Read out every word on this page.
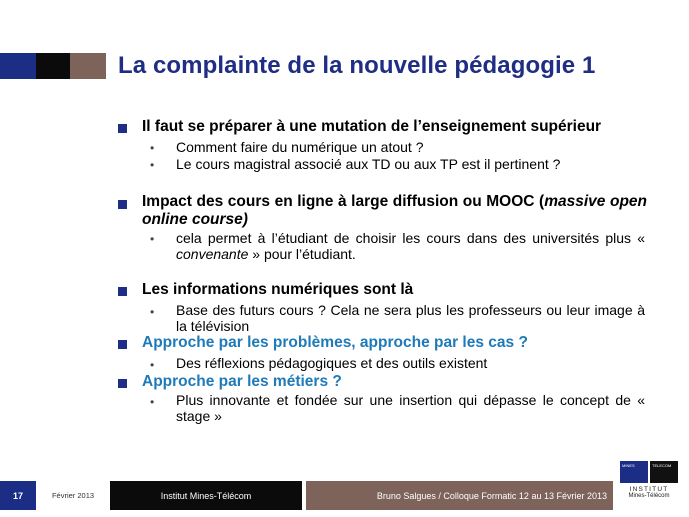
La complainte de la nouvelle pédagogie 1
Il faut se préparer à une mutation de l’enseignement supérieur
• Comment faire du numérique un atout ?
• Le cours magistral associé aux TD ou aux TP est il pertinent ?
Impact des cours en ligne à large diffusion ou MOOC (massive open online course)
• cela permet à l’étudiant de choisir les cours dans des universités plus « convenante » pour l’étudiant.
Les informations numériques sont là
• Base des futurs cours ? Cela ne sera plus les professeurs ou leur image à la télévision
Approche par les problèmes, approche par les cas ?
• Des réflexions pédagogiques et des outils existent
Approche par les métiers ?
• Plus innovante et fondée sur une insertion qui dépasse le concept de « stage »
17	Février 2013	Institut Mines-Télécom	Bruno Salgues / Colloque Formatic 12 au 13 Février 2013
MINES	TELECOM
INSTITUT
Mines-Télécom
